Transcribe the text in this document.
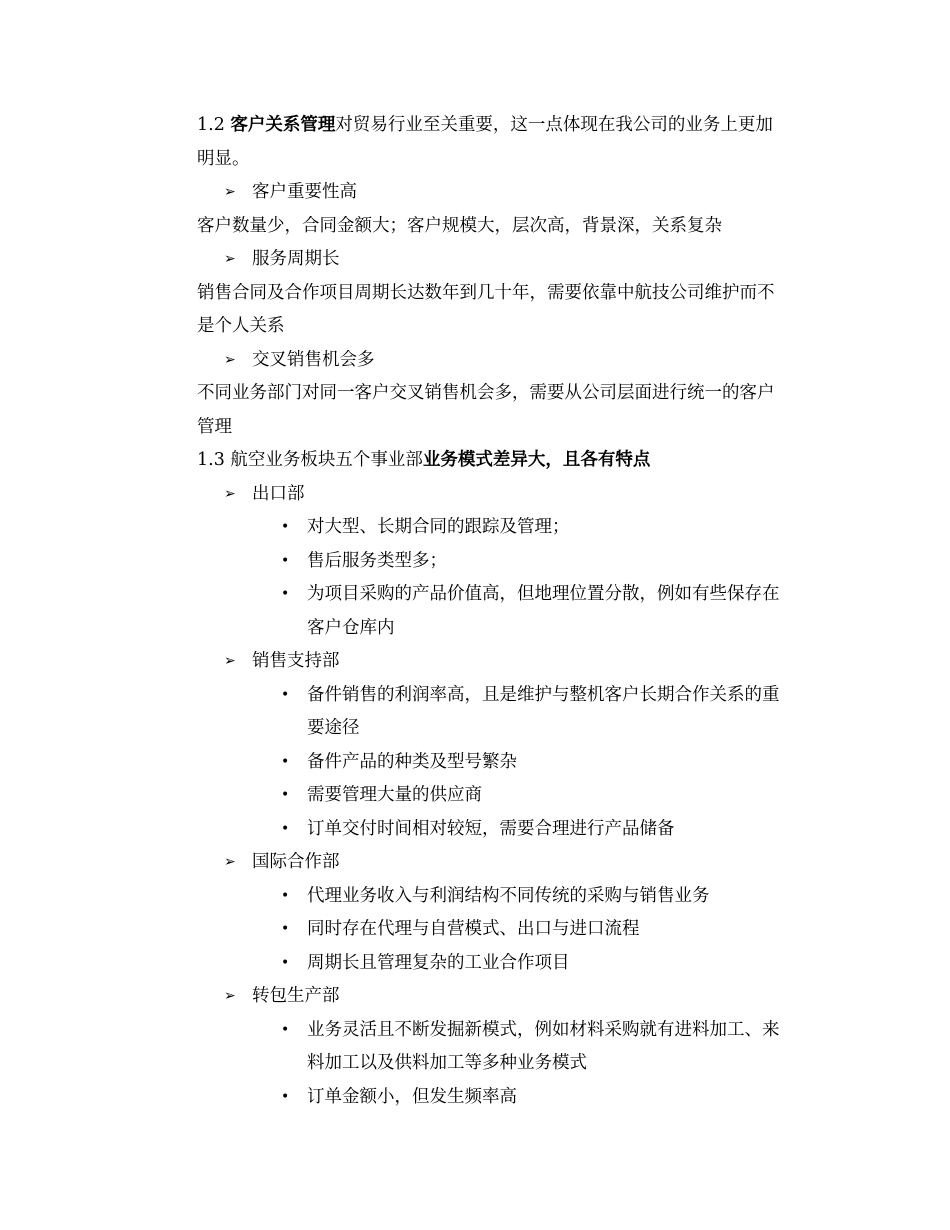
1.2 客户关系管理对贸易行业至关重要，这一点体现在我公司的业务上更加
明显。
➢ 客户重要性高
客户数量少，合同金额大；客户规模大，层次高，背景深，关系复杂
➢ 服务周期长
销售合同及合作项目周期长达数年到几十年，需要依靠中航技公司维护而不
是个人关系
➢ 交叉销售机会多
不同业务部门对同一客户交叉销售机会多，需要从公司层面进行统一的客户
管理
1.3 航空业务板块五个事业部业务模式差异大，且各有特点
➢ 出口部
•	对大型、长期合同的跟踪及管理；
•	售后服务类型多；
•	为项目采购的产品价值高，但地理位置分散，例如有些保存在
客户仓库内
➢ 销售支持部
•	备件销售的利润率高，且是维护与整机客户长期合作关系的重
要途径
•	备件产品的种类及型号繁杂
•	需要管理大量的供应商
•	订单交付时间相对较短，需要合理进行产品储备
➢ 国际合作部
•	代理业务收入与利润结构不同传统的采购与销售业务
•	同时存在代理与自营模式、出口与进口流程
•	周期长且管理复杂的工业合作项目
➢ 转包生产部
•	业务灵活且不断发掘新模式，例如材料采购就有进料加工、来
料加工以及供料加工等多种业务模式
•	订单金额小，但发生频率高
